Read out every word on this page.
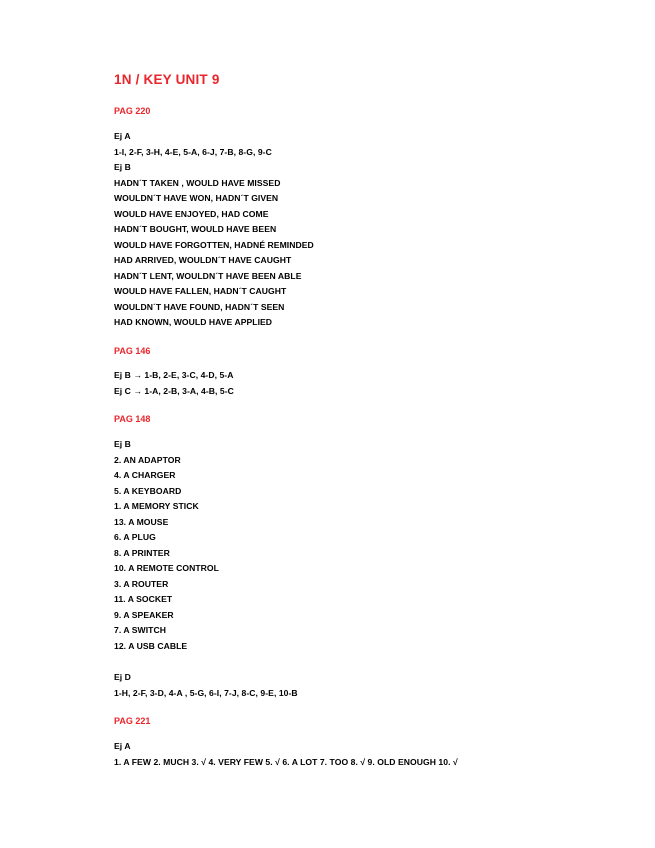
1N / KEY UNIT 9
PAG 220
Ej A
1-I, 2-F, 3-H, 4-E, 5-A, 6-J, 7-B, 8-G, 9-C
Ej B
HADN´T TAKEN , WOULD HAVE MISSED
WOULDN´T HAVE WON, HADN´T GIVEN
WOULD HAVE ENJOYED, HAD COME
HADN´T BOUGHT, WOULD HAVE BEEN
WOULD HAVE FORGOTTEN, HADNÉ REMINDED
HAD ARRIVED, WOULDN´T HAVE CAUGHT
HADN´T LENT, WOULDN´T HAVE BEEN ABLE
WOULD HAVE FALLEN, HADN´T CAUGHT
WOULDN´T HAVE FOUND, HADN´T SEEN
HAD KNOWN, WOULD HAVE APPLIED
PAG 146
Ej B → 1-B, 2-E, 3-C, 4-D, 5-A
Ej C → 1-A, 2-B, 3-A, 4-B, 5-C
PAG 148
Ej B
2. AN ADAPTOR
4. A CHARGER
5. A KEYBOARD
1. A MEMORY STICK
13. A MOUSE
6. A PLUG
8. A PRINTER
10. A REMOTE CONTROL
3. A ROUTER
11. A SOCKET
9. A SPEAKER
7. A SWITCH
12. A USB CABLE
Ej D
1-H, 2-F, 3-D, 4-A , 5-G, 6-I, 7-J, 8-C, 9-E, 10-B
PAG 221
Ej A
1. A FEW 2. MUCH 3. √ 4. VERY FEW 5. √ 6. A LOT 7. TOO 8. √ 9. OLD ENOUGH 10. √
